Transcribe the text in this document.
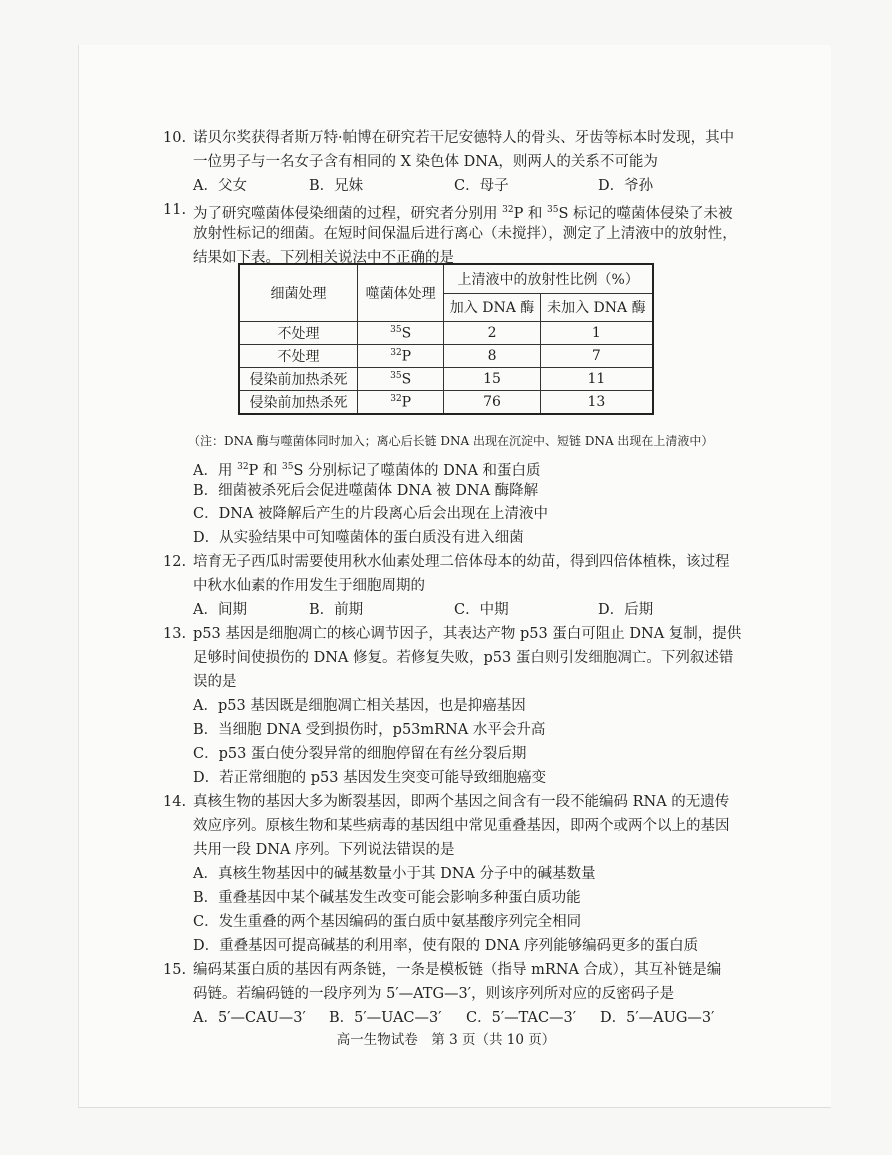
10. 诺贝尔奖获得者斯万特·帕博在研究若干尼安德特人的骨头、牙齿等标本时发现，其中
一位男子与一名女子含有相同的 X 染色体 DNA，则两人的关系不可能为
A．父女	B．兄妹	C．母子	D．爷孙
11. 为了研究噬菌体侵染细菌的过程，研究者分别用 $^{32}$P 和 $^{35}$S 标记的噬菌体侵染了未被
放射性标记的细菌。在短时间保温后进行离心（未搅拌），测定了上清液中的放射性，
结果如下表。下列相关说法中不正确的是
细菌处理	噬菌体处理	上清液中的放射性比例（%）	
		加入 DNA 酶	未加入 DNA 酶
不处理	$^{35}$S	2	1
不处理	$^{32}$P	8	7
侵染前加热杀死	$^{35}$S	15	11
侵染前加热杀死	$^{32}$P	76	13
（注：DNA 酶与噬菌体同时加入；离心后长链 DNA 出现在沉淀中、短链 DNA 出现在上清液中）
A．用 $^{32}$P 和 $^{35}$S 分别标记了噬菌体的 DNA 和蛋白质
B．细菌被杀死后会促进噬菌体 DNA 被 DNA 酶降解
C．DNA 被降解后产生的片段离心后会出现在上清液中
D．从实验结果中可知噬菌体的蛋白质没有进入细菌
12. 培育无子西瓜时需要使用秋水仙素处理二倍体母本的幼苗，得到四倍体植株，该过程
中秋水仙素的作用发生于细胞周期的
A．间期	B．前期	C．中期	D．后期
13. p53 基因是细胞凋亡的核心调节因子，其表达产物 p53 蛋白可阻止 DNA 复制，提供
足够时间使损伤的 DNA 修复。若修复失败，p53 蛋白则引发细胞凋亡。下列叙述错
误的是
A．p53 基因既是细胞凋亡相关基因，也是抑癌基因
B．当细胞 DNA 受到损伤时，p53mRNA 水平会升高
C．p53 蛋白使分裂异常的细胞停留在有丝分裂后期
D．若正常细胞的 p53 基因发生突变可能导致细胞癌变
14. 真核生物的基因大多为断裂基因，即两个基因之间含有一段不能编码 RNA 的无遗传
效应序列。原核生物和某些病毒的基因组中常见重叠基因，即两个或两个以上的基因
共用一段 DNA 序列。下列说法错误的是
A．真核生物基因中的碱基数量小于其 DNA 分子中的碱基数量
B．重叠基因中某个碱基发生改变可能会影响多种蛋白质功能
C．发生重叠的两个基因编码的蛋白质中氨基酸序列完全相同
D．重叠基因可提高碱基的利用率，使有限的 DNA 序列能够编码更多的蛋白质
15. 编码某蛋白质的基因有两条链，一条是模板链（指导 mRNA 合成），其互补链是编
码链。若编码链的一段序列为 5′—ATG—3′，则该序列所对应的反密码子是
A．5′—CAU—3′ B．5′—UAC—3′ C．5′—TAC—3′ D．5′—AUG—3′
高一生物试卷　第 3 页（共 10 页）
